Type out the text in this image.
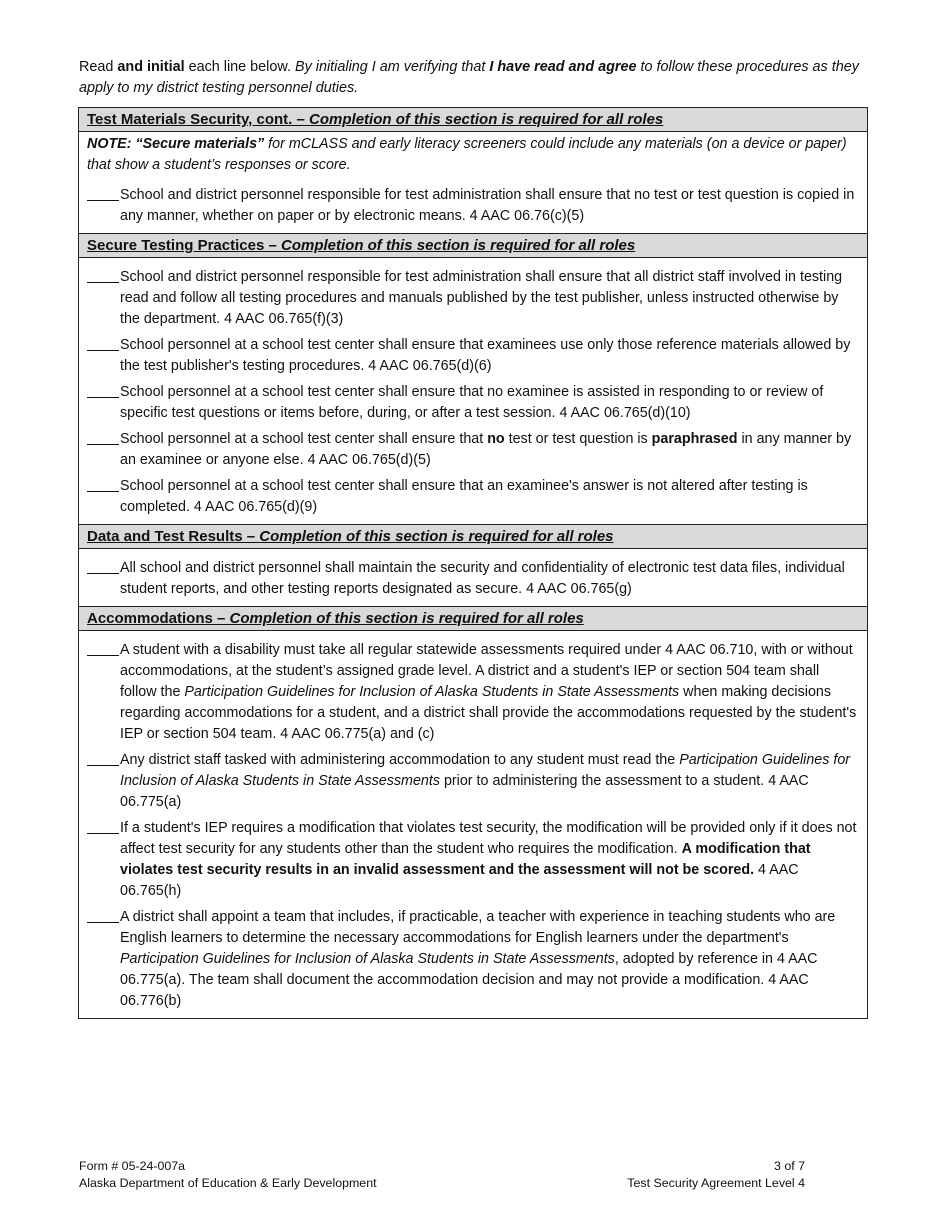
Read and initial each line below. By initialing I am verifying that I have read and agree to follow these procedures as they apply to my district testing personnel duties.
Test Materials Security, cont. – Completion of this section is required for all roles
NOTE: “Secure materials” for mCLASS and early literacy screeners could include any materials (on a device or paper) that show a student’s responses or score.
School and district personnel responsible for test administration shall ensure that no test or test question is copied in any manner, whether on paper or by electronic means. 4 AAC 06.76(c)(5)
Secure Testing Practices – Completion of this section is required for all roles
School and district personnel responsible for test administration shall ensure that all district staff involved in testing read and follow all testing procedures and manuals published by the test publisher, unless instructed otherwise by the department. 4 AAC 06.765(f)(3)
School personnel at a school test center shall ensure that examinees use only those reference materials allowed by the test publisher's testing procedures. 4 AAC 06.765(d)(6)
School personnel at a school test center shall ensure that no examinee is assisted in responding to or review of specific test questions or items before, during, or after a test session. 4 AAC 06.765(d)(10)
School personnel at a school test center shall ensure that no test or test question is paraphrased in any manner by an examinee or anyone else. 4 AAC 06.765(d)(5)
School personnel at a school test center shall ensure that an examinee's answer is not altered after testing is completed. 4 AAC 06.765(d)(9)
Data and Test Results – Completion of this section is required for all roles
All school and district personnel shall maintain the security and confidentiality of electronic test data files, individual student reports, and other testing reports designated as secure. 4 AAC 06.765(g)
Accommodations – Completion of this section is required for all roles
A student with a disability must take all regular statewide assessments required under 4 AAC 06.710, with or without accommodations, at the student’s assigned grade level. A district and a student's IEP or section 504 team shall follow the Participation Guidelines for Inclusion of Alaska Students in State Assessments when making decisions regarding accommodations for a student, and a district shall provide the accommodations requested by the student's IEP or section 504 team. 4 AAC 06.775(a) and (c)
Any district staff tasked with administering accommodation to any student must read the Participation Guidelines for Inclusion of Alaska Students in State Assessments prior to administering the assessment to a student. 4 AAC 06.775(a)
If a student's IEP requires a modification that violates test security, the modification will be provided only if it does not affect test security for any students other than the student who requires the modification. A modification that violates test security results in an invalid assessment and the assessment will not be scored. 4 AAC 06.765(h)
A district shall appoint a team that includes, if practicable, a teacher with experience in teaching students who are English learners to determine the necessary accommodations for English learners under the department's Participation Guidelines for Inclusion of Alaska Students in State Assessments, adopted by reference in 4 AAC 06.775(a). The team shall document the accommodation decision and may not provide a modification. 4 AAC 06.776(b)
Form # 05-24-007a
Alaska Department of Education & Early Development
3 of 7
Test Security Agreement Level 4
